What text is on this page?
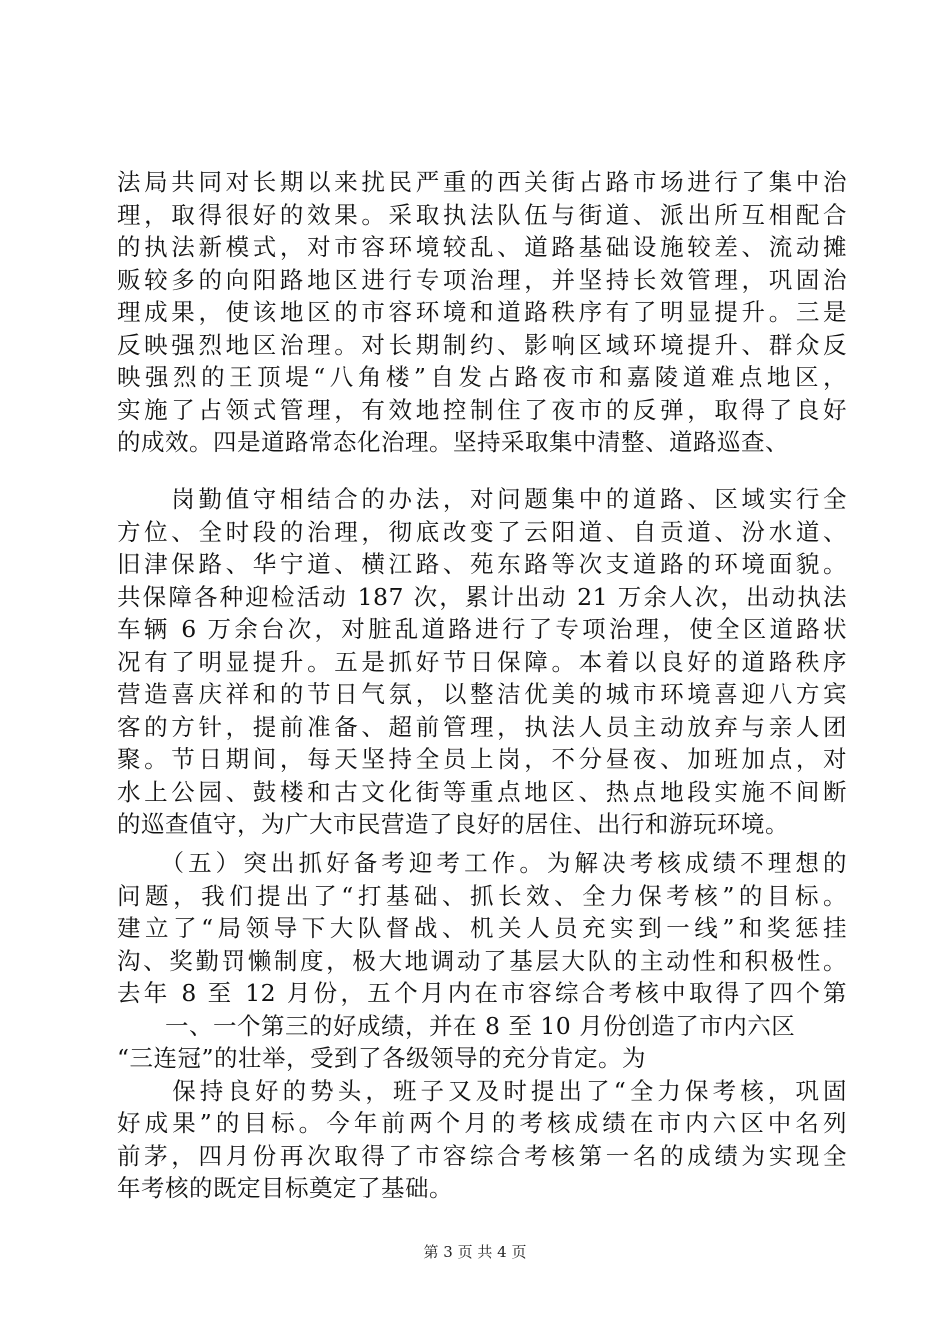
法局共同对长期以来扰民严重的西关街占路市场进行了集中治
理，取得很好的效果。采取执法队伍与街道、派出所互相配合
的执法新模式，对市容环境较乱、道路基础设施较差、流动摊
贩较多的向阳路地区进行专项治理，并坚持长效管理，巩固治
理成果，使该地区的市容环境和道路秩序有了明显提升。三是
反映强烈地区治理。对长期制约、影响区域环境提升、群众反
映强烈的王顶堤“八角楼”自发占路夜市和嘉陵道难点地区，
实施了占领式管理，有效地控制住了夜市的反弹，取得了良好
的成效。四是道路常态化治理。坚持采取集中清整、道路巡查、
　　岗勤值守相结合的办法，对问题集中的道路、区域实行全
方位、全时段的治理，彻底改变了云阳道、自贡道、汾水道、
旧津保路、华宁道、横江路、苑东路等次支道路的环境面貌。
共保障各种迎检活动 187 次，累计出动 21 万余人次，出动执法
车辆 6 万余台次，对脏乱道路进行了专项治理，使全区道路状
况有了明显提升。五是抓好节日保障。本着以良好的道路秩序
营造喜庆祥和的节日气氛，以整洁优美的城市环境喜迎八方宾
客的方针，提前准备、超前管理，执法人员主动放弃与亲人团
聚。节日期间，每天坚持全员上岗，不分昼夜、加班加点，对
水上公园、鼓楼和古文化街等重点地区、热点地段实施不间断
的巡查值守，为广大市民营造了良好的居住、出行和游玩环境。
　　（五）突出抓好备考迎考工作。为解决考核成绩不理想的
问题，我们提出了“打基础、抓长效、全力保考核”的目标。
建立了“局领导下大队督战、机关人员充实到一线”和奖惩挂
沟、奖勤罚懒制度，极大地调动了基层大队的主动性和积极性。
去年 8 至 12 月份，五个月内在市容综合考核中取得了四个第
　　一、一个第三的好成绩，并在 8 至 10 月份创造了市内六区
“三连冠”的壮举，受到了各级领导的充分肯定。为
　　保持良好的势头，班子又及时提出了“全力保考核，巩固
好成果”的目标。今年前两个月的考核成绩在市内六区中名列
前茅，四月份再次取得了市容综合考核第一名的成绩为实现全
年考核的既定目标奠定了基础。
第 3 页 共 4 页
